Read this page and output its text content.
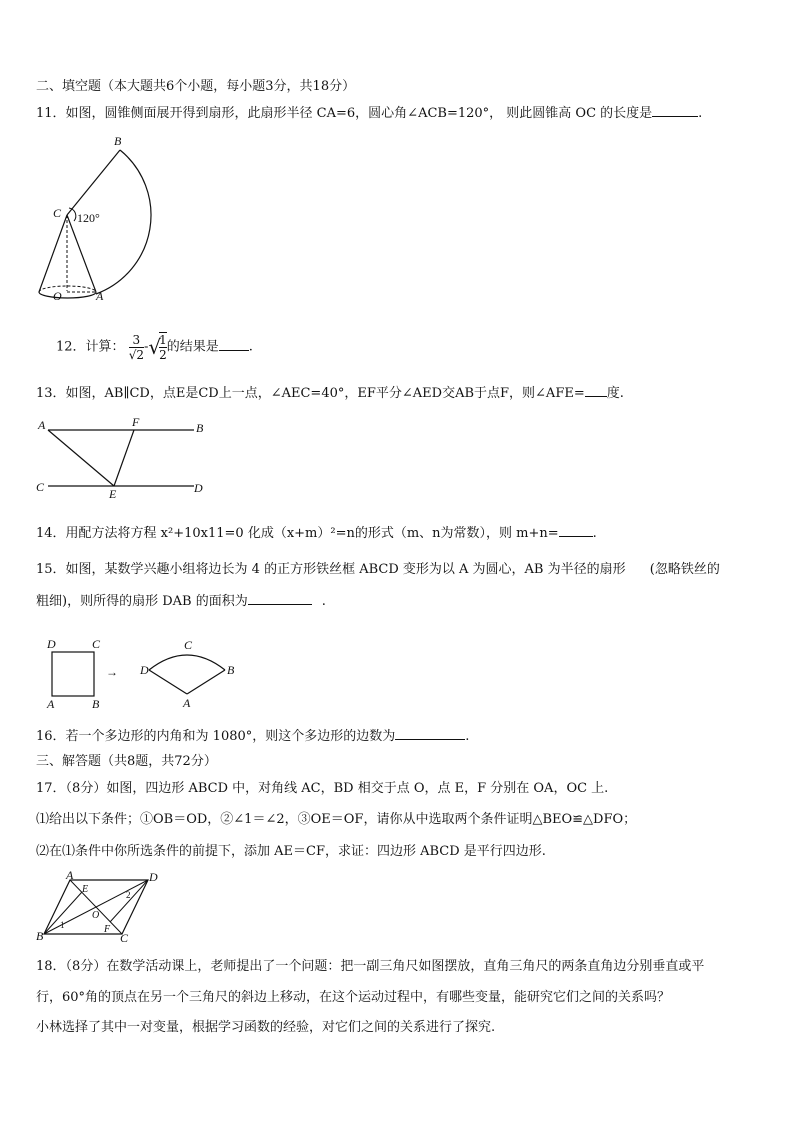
二、填空题（本大题共6个小题，每小题3分，共18分）
11．如图，圆锥侧面展开得到扇形，此扇形半径 CA=6，圆心角∠ACB=120°， 则此圆锥高 OC 的长度是	.
B
C 120°
O	A
12．计算： $\frac{3}{√2}$ -√
$\frac{1}{2}$ 的结果是 .
13．如图，AB∥CD，点E是CD上一点，∠AEC=40°，EF平分∠AED交AB于点F，则∠AFE= 度.
A	F	B
C	E	D
14．用配方法将方程 x²+10x11=0 化成（x+m）²=n的形式（m、n为常数），则 m+n=	.
15．如图，某数学兴趣小组将边长为 4 的正方形铁丝框 ABCD 变形为以 A 为圆心，AB 为半径的扇形 (忽略铁丝的
粗细)，则所得的扇形 DAB 的面积为	.
D	C
A	B
→ D
C
B
A
16．若一个多边形的内角和为 1080°，则这个多边形的边数为	.
三、解答题（共8题，共72分）
17．（8分）如图，四边形 ABCD 中，对角线 AC，BD 相交于点 O，点 E，F 分别在 OA，OC 上.
⑴给出以下条件；①OB＝OD，②∠1＝∠2，③OE＝OF，请你从中选取两个条件证明△BEO≌△DFO；
⑵在⑴条件中你所选条件的前提下，添加 AE＝CF，求证：四边形 ABCD 是平行四边形.
A
E
D
O
B	F
C
1
2
18．（8分）在数学活动课上，老师提出了一个问题：把一副三角尺如图摆放，直角三角尺的两条直角边分别垂直或平
行，60°角的顶点在另一个三角尺的斜边上移动，在这个运动过程中，有哪些变量，能研究它们之间的关系吗？
小林选择了其中一对变量，根据学习函数的经验，对它们之间的关系进行了探究.
